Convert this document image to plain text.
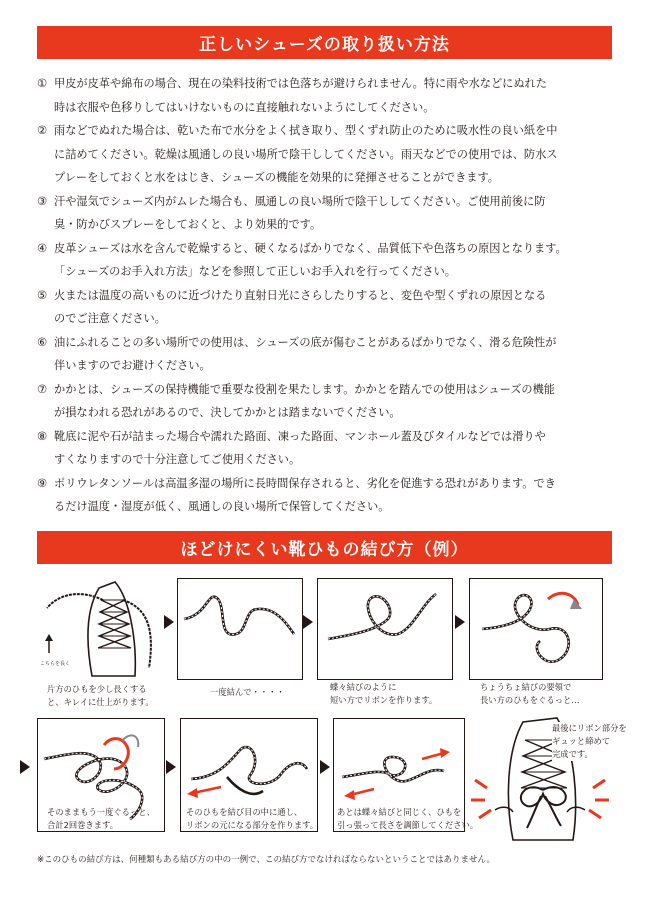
正しいシューズの取り扱い方法
① 甲皮が皮革や綿布の場合、現在の染料技術では色落ちが避けられません。特に雨や水などにぬれた
時は衣服や色移りしてはいけないものに直接触れないようにしてください。
② 雨などでぬれた場合は、乾いた布で水分をよく拭き取り、型くずれ防止のために吸水性の良い紙を中
に詰めてください。乾燥は風通しの良い場所で陰干ししてください。雨天などでの使用では、防水ス
プレーをしておくと水をはじき、シューズの機能を効果的に発揮させることができます。
③ 汗や湿気でシューズ内がムレた場合も、風通しの良い場所で陰干ししてください。ご使用前後に防
臭・防かびスプレーをしておくと、より効果的です。
④ 皮革シューズは水を含んで乾燥すると、硬くなるばかりでなく、品質低下や色落ちの原因となります。
「シューズのお手入れ方法」などを参照して正しいお手入れを行ってください。
⑤ 火または温度の高いものに近づけたり直射日光にさらしたりすると、変色や型くずれの原因となる
のでご注意ください。
⑥ 油にふれることの多い場所での使用は、シューズの底が傷むことがあるばかりでなく、滑る危険性が
伴いますのでお避けください。
⑦ かかとは、シューズの保持機能で重要な役割を果たします。かかとを踏んでの使用はシューズの機能
が損なわれる恐れがあるので、決してかかとは踏まないでください。
⑧ 靴底に泥や石が詰まった場合や濡れた路面、凍った路面、マンホール蓋及びタイルなどでは滑りや
すくなりますので十分注意してご使用ください。
⑨ ポリウレタンソールは高温多湿の場所に長時間保存されると、劣化を促進する恐れがあります。でき
るだけ温度・湿度が低く、風通しの良い場所で保管してください。
ほどけにくい靴ひもの結び方（例）
こちらを長く
片方のひもを少し長くする
と、キレイに仕上がります。
一度結んで・・・・	蝶々結びのように
短い方でリボンを作ります。
ちょうちょ結びの要領で
長い方のひもをぐるっと…
そのままもう一度ぐるっと、
合計2回巻きます。
そのひもを結び目の中に通し、
リボンの元になる部分を作ります。
あとは蝶々結びと同じく、ひもを
引っ張って長さを調節してください。
最後にリボン部分を
ギュッと締めて
完成です。
※このひもの結び方は、何種類もある結び方の中の一例で、この結び方でなければならないということではありません。
